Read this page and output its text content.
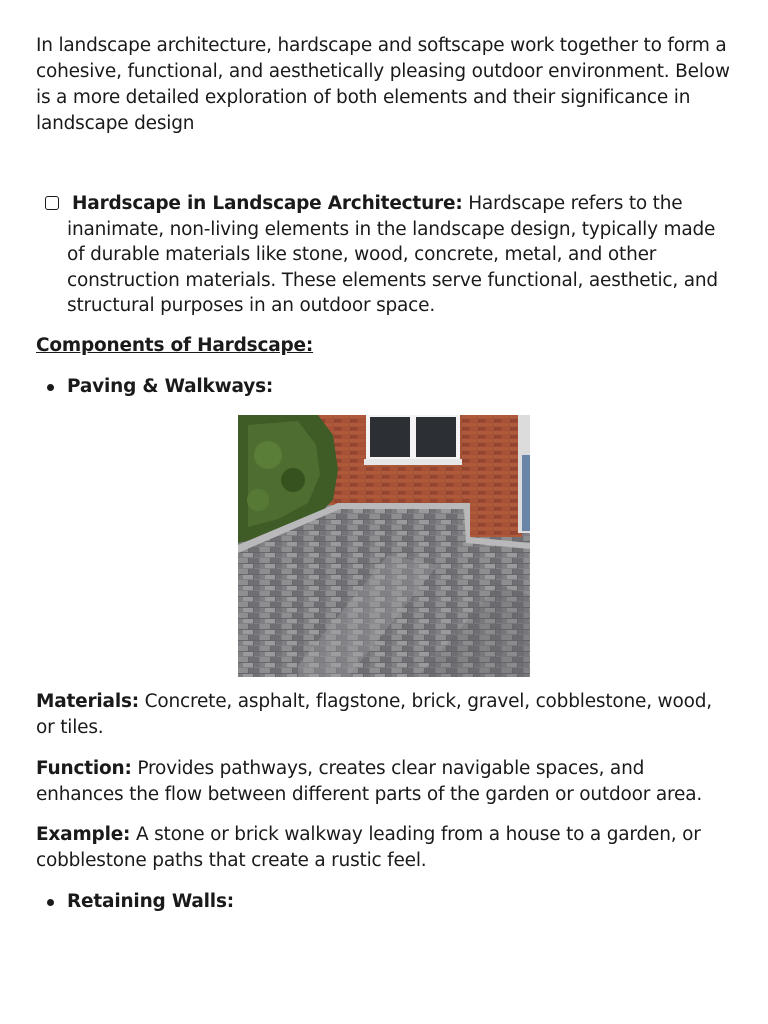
In landscape architecture, hardscape and softscape work together to form a cohesive, functional, and aesthetically pleasing outdoor environment. Below is a more detailed exploration of both elements and their significance in landscape design

Hardscape in Landscape Architecture: Hardscape refers to the inanimate, non-living elements in the landscape design, typically made of durable materials like stone, wood, concrete, metal, and other construction materials. These elements serve functional, aesthetic, and structural purposes in an outdoor space.

Components of Hardscape:
Paving & Walkways:

Materials: Concrete, asphalt, flagstone, brick, gravel, cobblestone, wood, or tiles.

Function: Provides pathways, creates clear navigable spaces, and enhances the flow between different parts of the garden or outdoor area.

Example: A stone or brick walkway leading from a house to a garden, or cobblestone paths that create a rustic feel.

Retaining Walls:
